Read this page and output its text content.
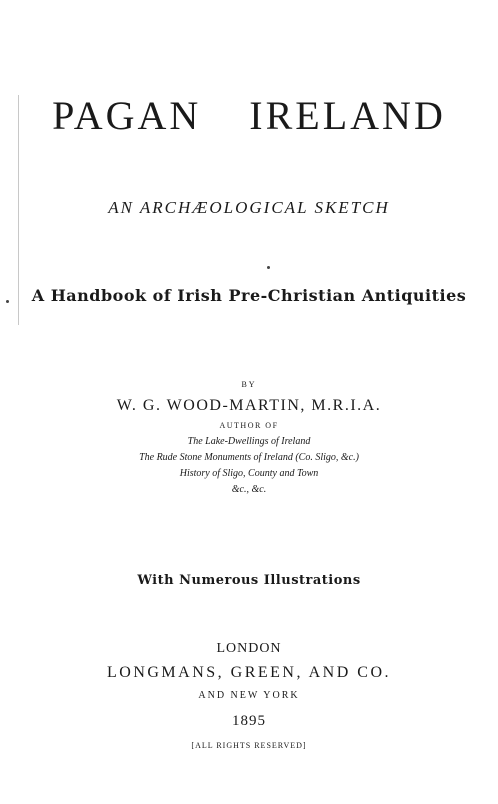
PAGAN IRELAND
AN ARCHÆOLOGICAL SKETCH
A Handbook of Irish Pre-Christian Antiquities
BY
W. G. WOOD-MARTIN, M.R.I.A.
AUTHOR OF
The Lake-Dwellings of Ireland
The Rude Stone Monuments of Ireland (Co. Sligo, &c.)
History of Sligo, County and Town
&c., &c.
With Numerous Illustrations
LONDON
LONGMANS, GREEN, AND CO.
AND NEW YORK
1895
[ALL RIGHTS RESERVED]
